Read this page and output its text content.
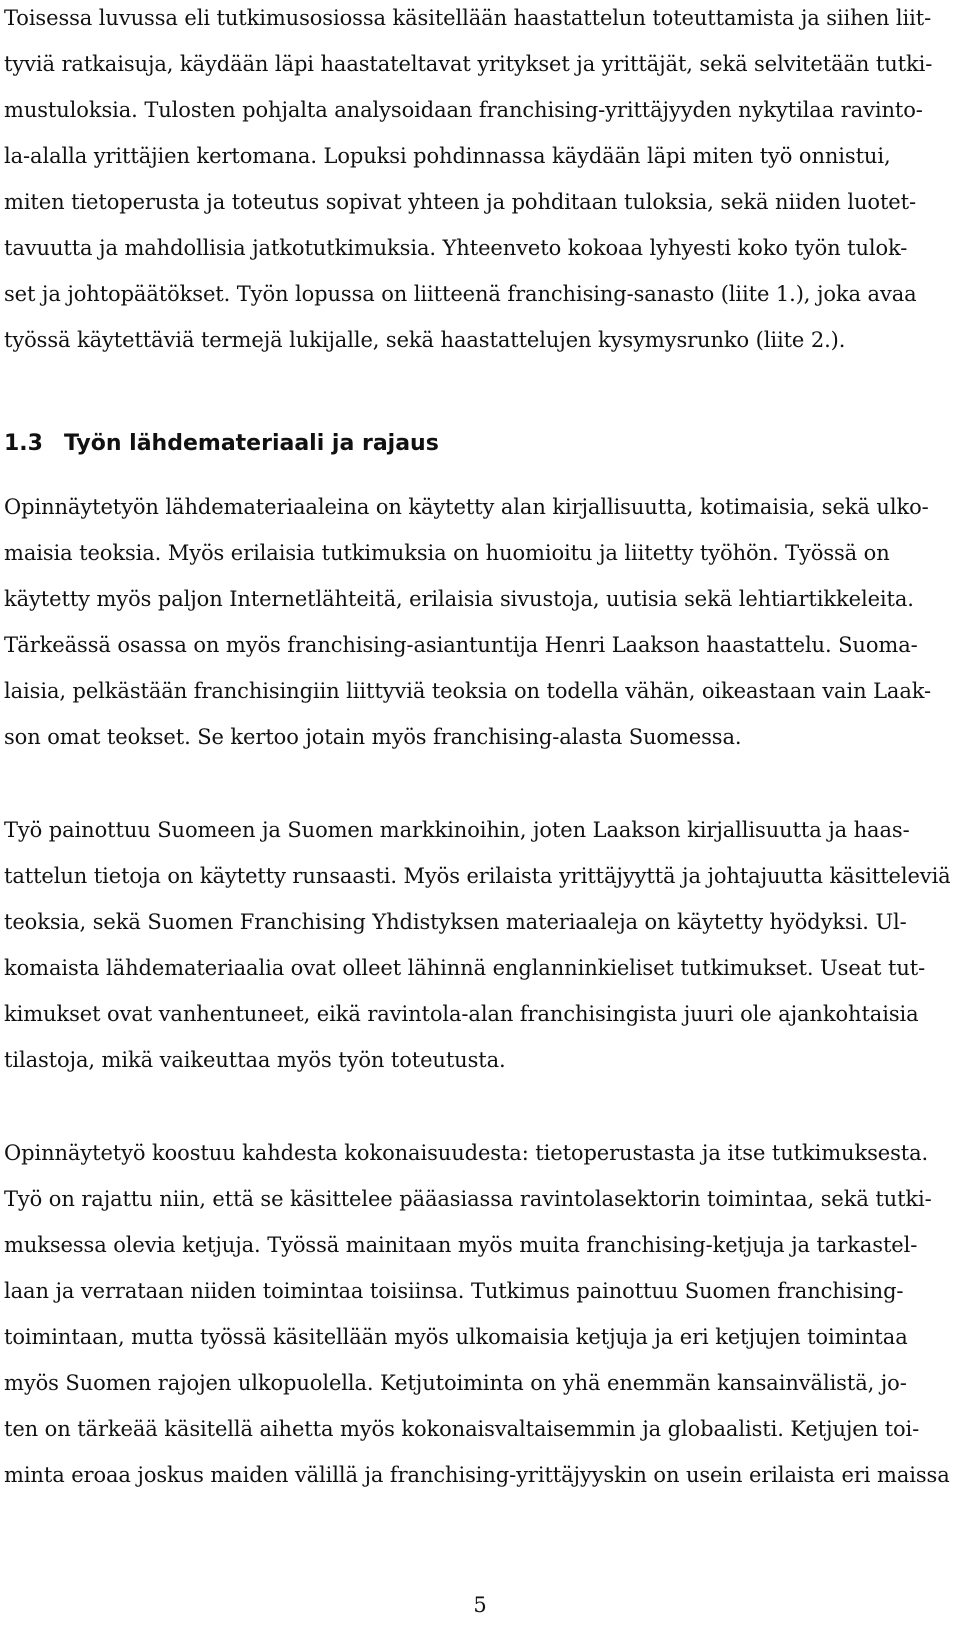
Toisessa luvussa eli tutkimusosiossa käsitellään haastattelun toteuttamista ja siihen liit-
tyviä ratkaisuja, käydään läpi haastateltavat yritykset ja yrittäjät, sekä selvitetään tutki-
mustuloksia. Tulosten pohjalta analysoidaan franchising-yrittäjyyden nykytilaa ravinto-
la-alalla yrittäjien kertomana. Lopuksi pohdinnassa käydään läpi miten työ onnistui,
miten tietoperusta ja toteutus sopivat yhteen ja pohditaan tuloksia, sekä niiden luotet-
tavuutta ja mahdollisia jatkotutkimuksia. Yhteenveto kokoaa lyhyesti koko työn tulok-
set ja johtopäätökset. Työn lopussa on liitteenä franchising-sanasto (liite 1.), joka avaa
työssä käytettäviä termejä lukijalle, sekä haastattelujen kysymysrunko (liite 2.).
1.3 Työn lähdemateriaali ja rajaus
Opinnäytetyön lähdemateriaaleina on käytetty alan kirjallisuutta, kotimaisia, sekä ulko-
maisia teoksia. Myös erilaisia tutkimuksia on huomioitu ja liitetty työhön. Työssä on
käytetty myös paljon Internetlähteitä, erilaisia sivustoja, uutisia sekä lehtiartikkeleita.
Tärkeässä osassa on myös franchising-asiantuntija Henri Laakson haastattelu. Suoma-
laisia, pelkästään franchisingiin liittyviä teoksia on todella vähän, oikeastaan vain Laak-
son omat teokset. Se kertoo jotain myös franchising-alasta Suomessa.
Työ painottuu Suomeen ja Suomen markkinoihin, joten Laakson kirjallisuutta ja haas-
tattelun tietoja on käytetty runsaasti. Myös erilaista yrittäjyyttä ja johtajuutta käsitteleviä
teoksia, sekä Suomen Franchising Yhdistyksen materiaaleja on käytetty hyödyksi. Ul-
komaista lähdemateriaalia ovat olleet lähinnä englanninkieliset tutkimukset. Useat tut-
kimukset ovat vanhentuneet, eikä ravintola-alan franchisingista juuri ole ajankohtaisia
tilastoja, mikä vaikeuttaa myös työn toteutusta.
Opinnäytetyö koostuu kahdesta kokonaisuudesta: tietoperustasta ja itse tutkimuksesta.
Työ on rajattu niin, että se käsittelee pääasiassa ravintolasektorin toimintaa, sekä tutki-
muksessa olevia ketjuja. Työssä mainitaan myös muita franchising-ketjuja ja tarkastel-
laan ja verrataan niiden toimintaa toisiinsa. Tutkimus painottuu Suomen franchising-
toimintaan, mutta työssä käsitellään myös ulkomaisia ketjuja ja eri ketjujen toimintaa
myös Suomen rajojen ulkopuolella. Ketjutoiminta on yhä enemmän kansainvälistä, jo-
ten on tärkeää käsitellä aihetta myös kokonaisvaltaisemmin ja globaalisti. Ketjujen toi-
minta eroaa joskus maiden välillä ja franchising-yrittäjyyskin on usein erilaista eri maissa
5
